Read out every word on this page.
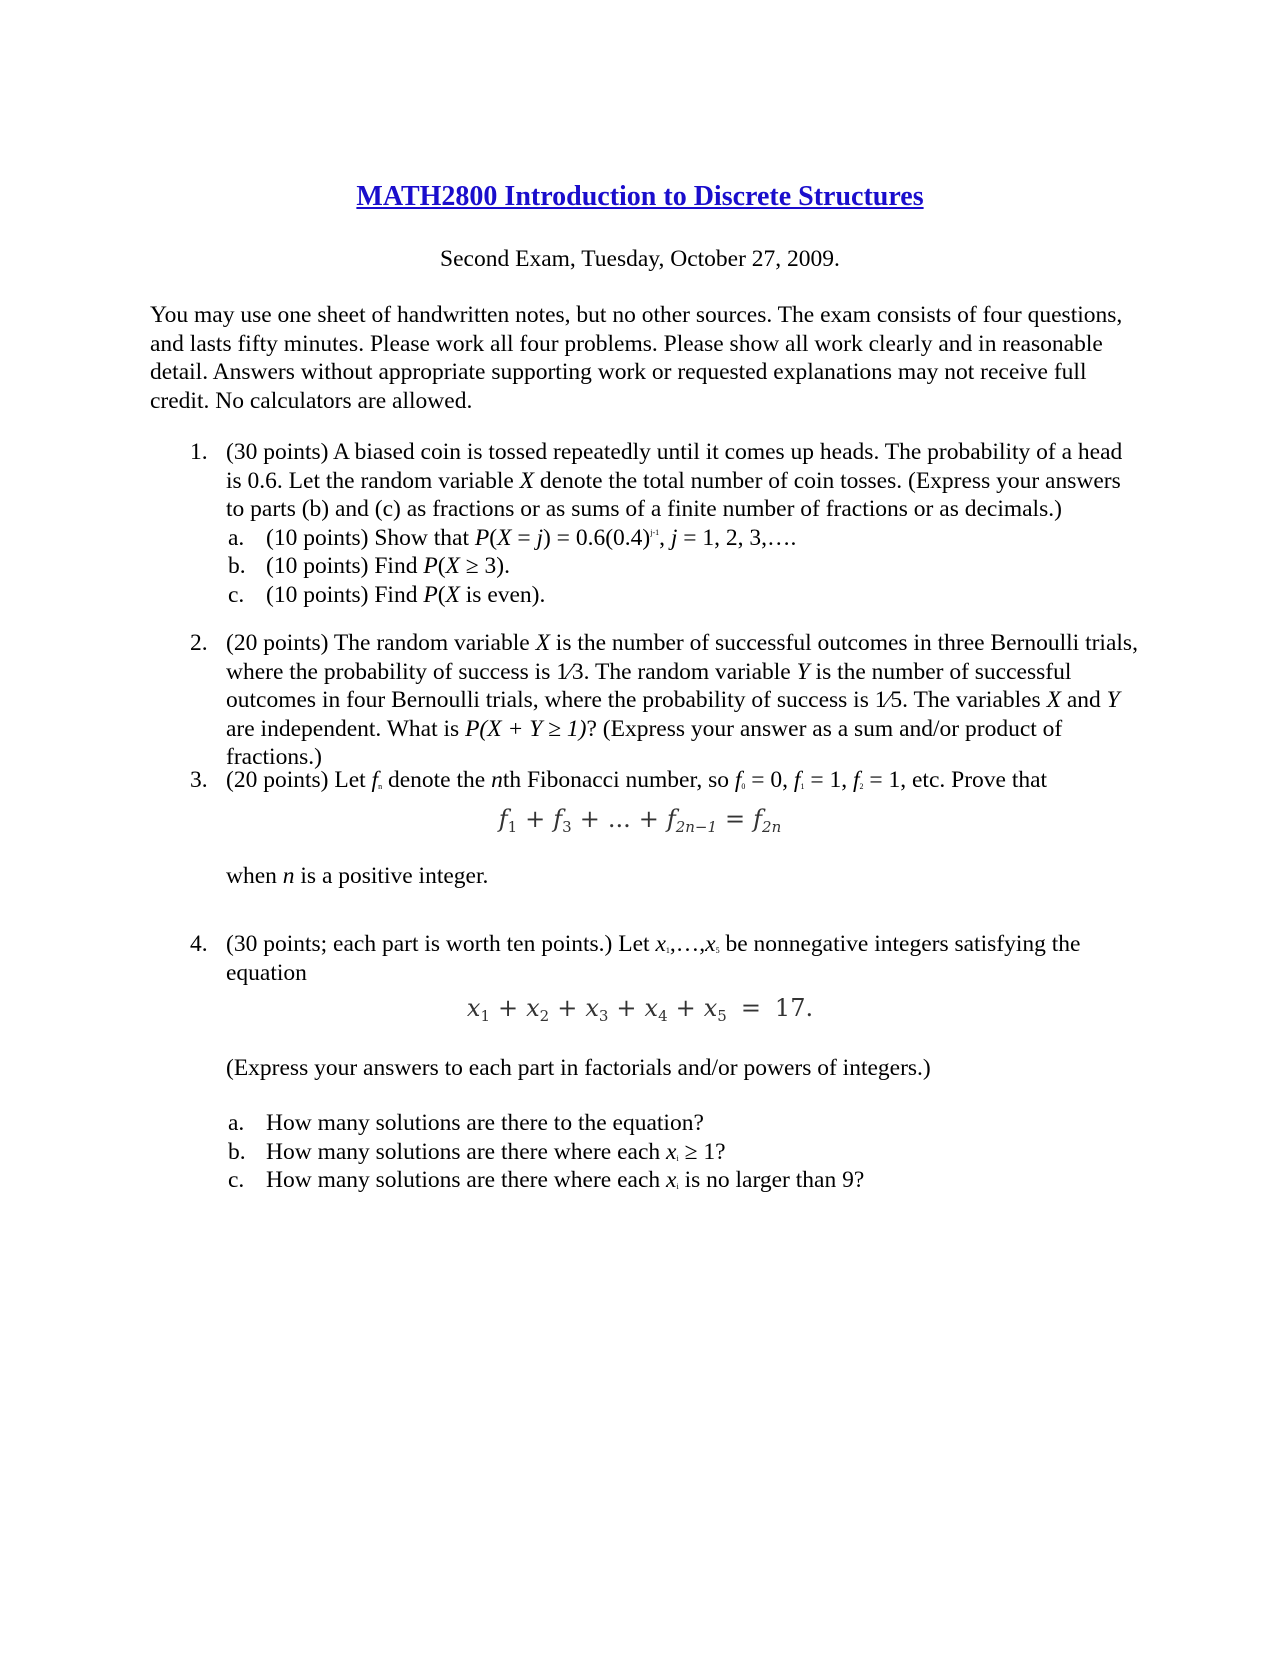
MATH2800 Introduction to Discrete Structures
Second Exam, Tuesday, October 27, 2009.

You may use one sheet of handwritten notes, but no other sources. The exam consists of four questions, and lasts fifty minutes. Please work all four problems. Please show all work clearly and in reasonable detail. Answers without appropriate supporting work or requested explanations may not receive full credit. No calculators are allowed.

1. (30 points) A biased coin is tossed repeatedly until it comes up heads. The probability of a head is 0.6. Let the random variable X denote the total number of coin tosses. (Express your answers to parts (b) and (c) as fractions or as sums of a finite number of fractions or as decimals.)

a. (10 points) Show that $P(X = j) = 0.6(0.4)^{j-1}$, j = 1, 2, 3,….
b. (10 points) Find P(X ≥ 3).
c. (10 points) Find P(X is even).
2. (20 points) The random variable X is the number of successful outcomes in three Bernoulli trials, where the probability of success is 1⁄3. The random variable Y is the number of successful outcomes in four Bernoulli trials, where the probability of success is 1⁄5. The variables X and Y are independent. What is P(X + Y ≥ 1)? (Express your answer as a sum and/or product of fractions.)

3. (20 points) Let fn denote the nth Fibonacci number, so f0 = 0, f1 = 1, f2 = 1, etc. Prove that

$f_1 + f_3$ + ... + $f_{2n-1} = f_{2n}$
when n is a positive integer.
4. (30 points; each part is worth ten points.) Let x1,…,x5 be nonnegative integers satisfying the equation

$x_1 + x_2 + x_3 + x_4 + x_5 = 17$.
(Express your answers to each part in factorials and/or powers of integers.)
a. How many solutions are there to the equation?
b. How many solutions are there where each xi ≥ 1?
c. How many solutions are there where each xi is no larger than 9?
